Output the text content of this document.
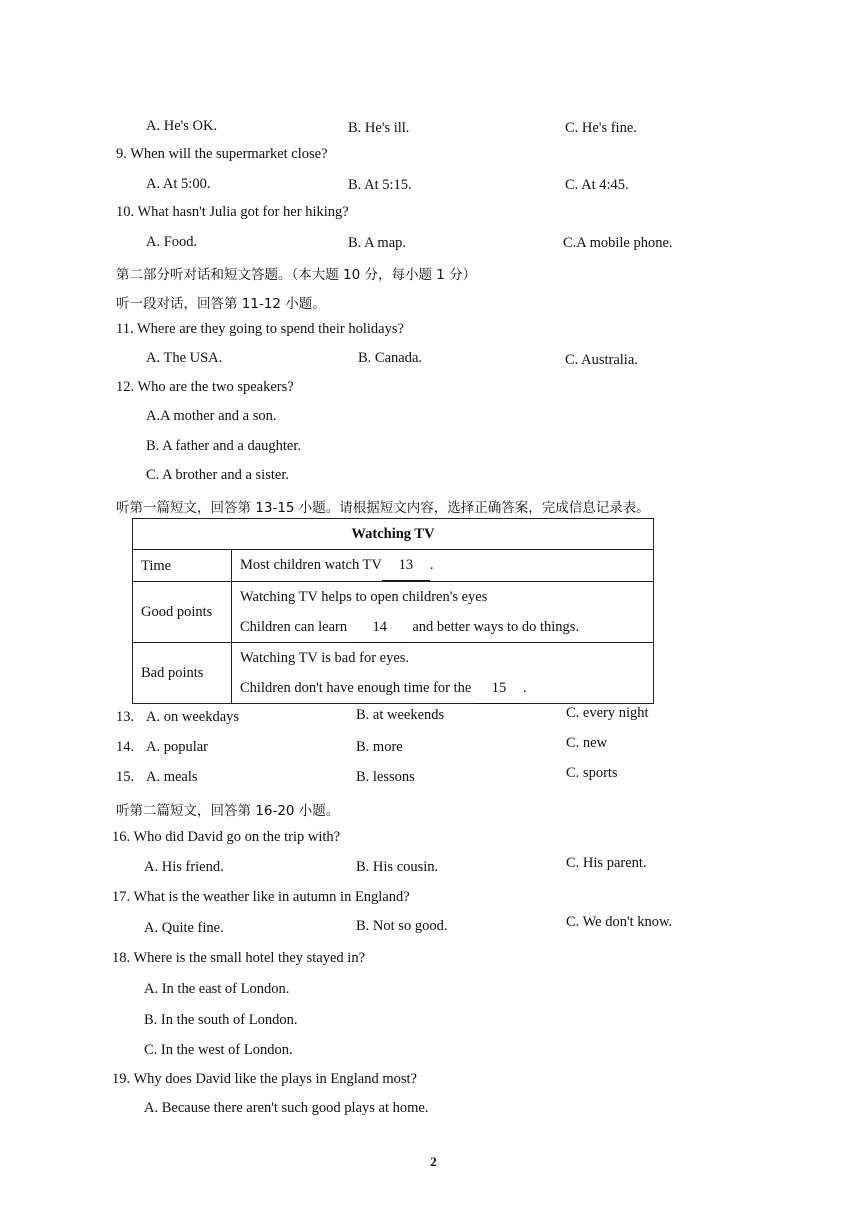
A. He's OK.	B. He's ill.	C. He's fine.
9. When will the supermarket close?
A. At 5:00.	B. At 5:15.	C. At 4:45.
10. What hasn't Julia got for her hiking?
A. Food.	B. A map.	C.A mobile phone.
第二部分听对话和短文答题。（本大题 10 分，每小题 1 分）
听一段对话，回答第 11-12 小题。
11. Where are they going to spend their holidays?
A. The USA.	B. Canada.	C. Australia.
12. Who are the two speakers?
A.A mother and a son.
B. A father and a daughter.
C. A brother and a sister.
听第一篇短文，回答第 13-15 小题。请根据短文内容，选择正确答案，完成信息记录表。
Watching TV	
Time	Most children watch TV 13 .
Good points	Watching TV helps to open children's eyes
Children can learn 14 and better ways to do things.

Bad points	Watching TV is bad for eyes.
Children don't have enough time for the 15 .
13. A. on weekdays	B. at weekends	C. every night
14. A. popular	B. more	C. new
15. A. meals	B. lessons	C. sports
听第二篇短文，回答第 16-20 小题。
16. Who did David go on the trip with?
A. His friend.	B. His cousin.	C. His parent.
17. What is the weather like in autumn in England?
A. Quite fine.	B. Not so good.	C. We don't know.
18. Where is the small hotel they stayed in?
A. In the east of London.
B. In the south of London.
C. In the west of London.
19. Why does David like the plays in England most?
A. Because there aren't such good plays at home.
2
